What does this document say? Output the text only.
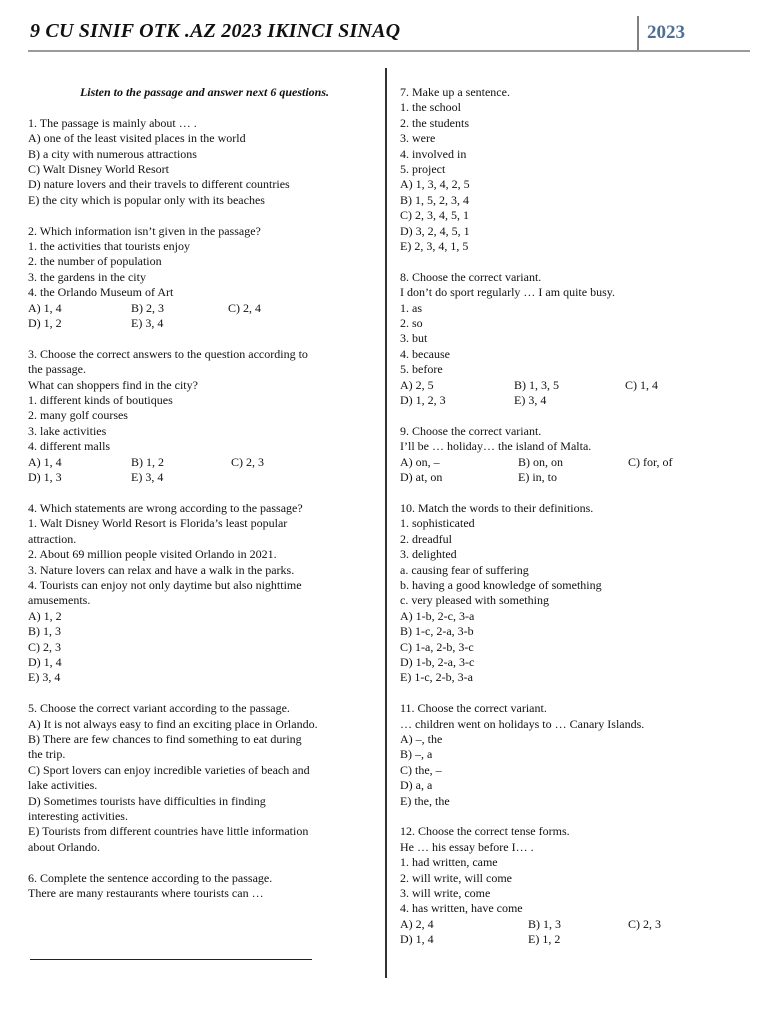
9 CU SINIF OTK .AZ 2023 IKINCI SINAQ	2023
Listen to the passage and answer next 6 questions.
1. The passage is mainly about … .
A) one of the least visited places in the world
B) a city with numerous attractions
C) Walt Disney World Resort
D) nature lovers and their travels to different countries
E) the city which is popular only with its beaches
2. Which information isn’t given in the passage?
1. the activities that tourists enjoy
2. the number of population
3. the gardens in the city
4. the Orlando Museum of Art
A) 1, 4	B) 2, 3	C) 2, 4
D) 1, 2	E) 3, 4
3. Choose the correct answers to the question according to
the passage.
What can shoppers find in the city?
1. different kinds of boutiques
2. many golf courses
3. lake activities
4. different malls
A) 1, 4	B) 1, 2	C) 2, 3
D) 1, 3	E) 3, 4
4. Which statements are wrong according to the passage?
1. Walt Disney World Resort is Florida’s least popular
attraction.
2. About 69 million people visited Orlando in 2021.
3. Nature lovers can relax and have a walk in the parks.
4. Tourists can enjoy not only daytime but also nighttime
amusements.
A) 1, 2
B) 1, 3
C) 2, 3
D) 1, 4
E) 3, 4
5. Choose the correct variant according to the passage.
A) It is not always easy to find an exciting place in Orlando.
B) There are few chances to find something to eat during
the trip.
C) Sport lovers can enjoy incredible varieties of beach and
lake activities.
D) Sometimes tourists have difficulties in finding
interesting activities.
E) Tourists from different countries have little information
about Orlando.
6. Complete the sentence according to the passage.
There are many restaurants where tourists can …
7. Make up a sentence.
1. the school
2. the students
3. were
4. involved in
5. project
A) 1, 3, 4, 2, 5
B) 1, 5, 2, 3, 4
C) 2, 3, 4, 5, 1
D) 3, 2, 4, 5, 1
E) 2, 3, 4, 1, 5
8. Choose the correct variant.
I don’t do sport regularly … I am quite busy.
1. as
2. so
3. but
4. because
5. before
A) 2, 5	B) 1, 3, 5	C) 1, 4
D) 1, 2, 3	E) 3, 4
9. Choose the correct variant.
I’ll be … holiday… the island of Malta.
A) on, –	B) on, on	C) for, of
D) at, on	E) in, to
10. Match the words to their definitions.
1. sophisticated
2. dreadful
3. delighted
a. causing fear of suffering
b. having a good knowledge of something
c. very pleased with something
A) 1-b, 2-c, 3-a
B) 1-c, 2-a, 3-b
C) 1-a, 2-b, 3-c
D) 1-b, 2-a, 3-c
E) 1-c, 2-b, 3-a
11. Choose the correct variant.
… children went on holidays to … Canary Islands.
A) –, the
B) –, a
C) the, –
D) a, a
E) the, the
12. Choose the correct tense forms.
He … his essay before I… .
1. had written, came
2. will write, will come
3. will write, come
4. has written, have come
A) 2, 4	B) 1, 3	C) 2, 3
D) 1, 4	E) 1, 2
